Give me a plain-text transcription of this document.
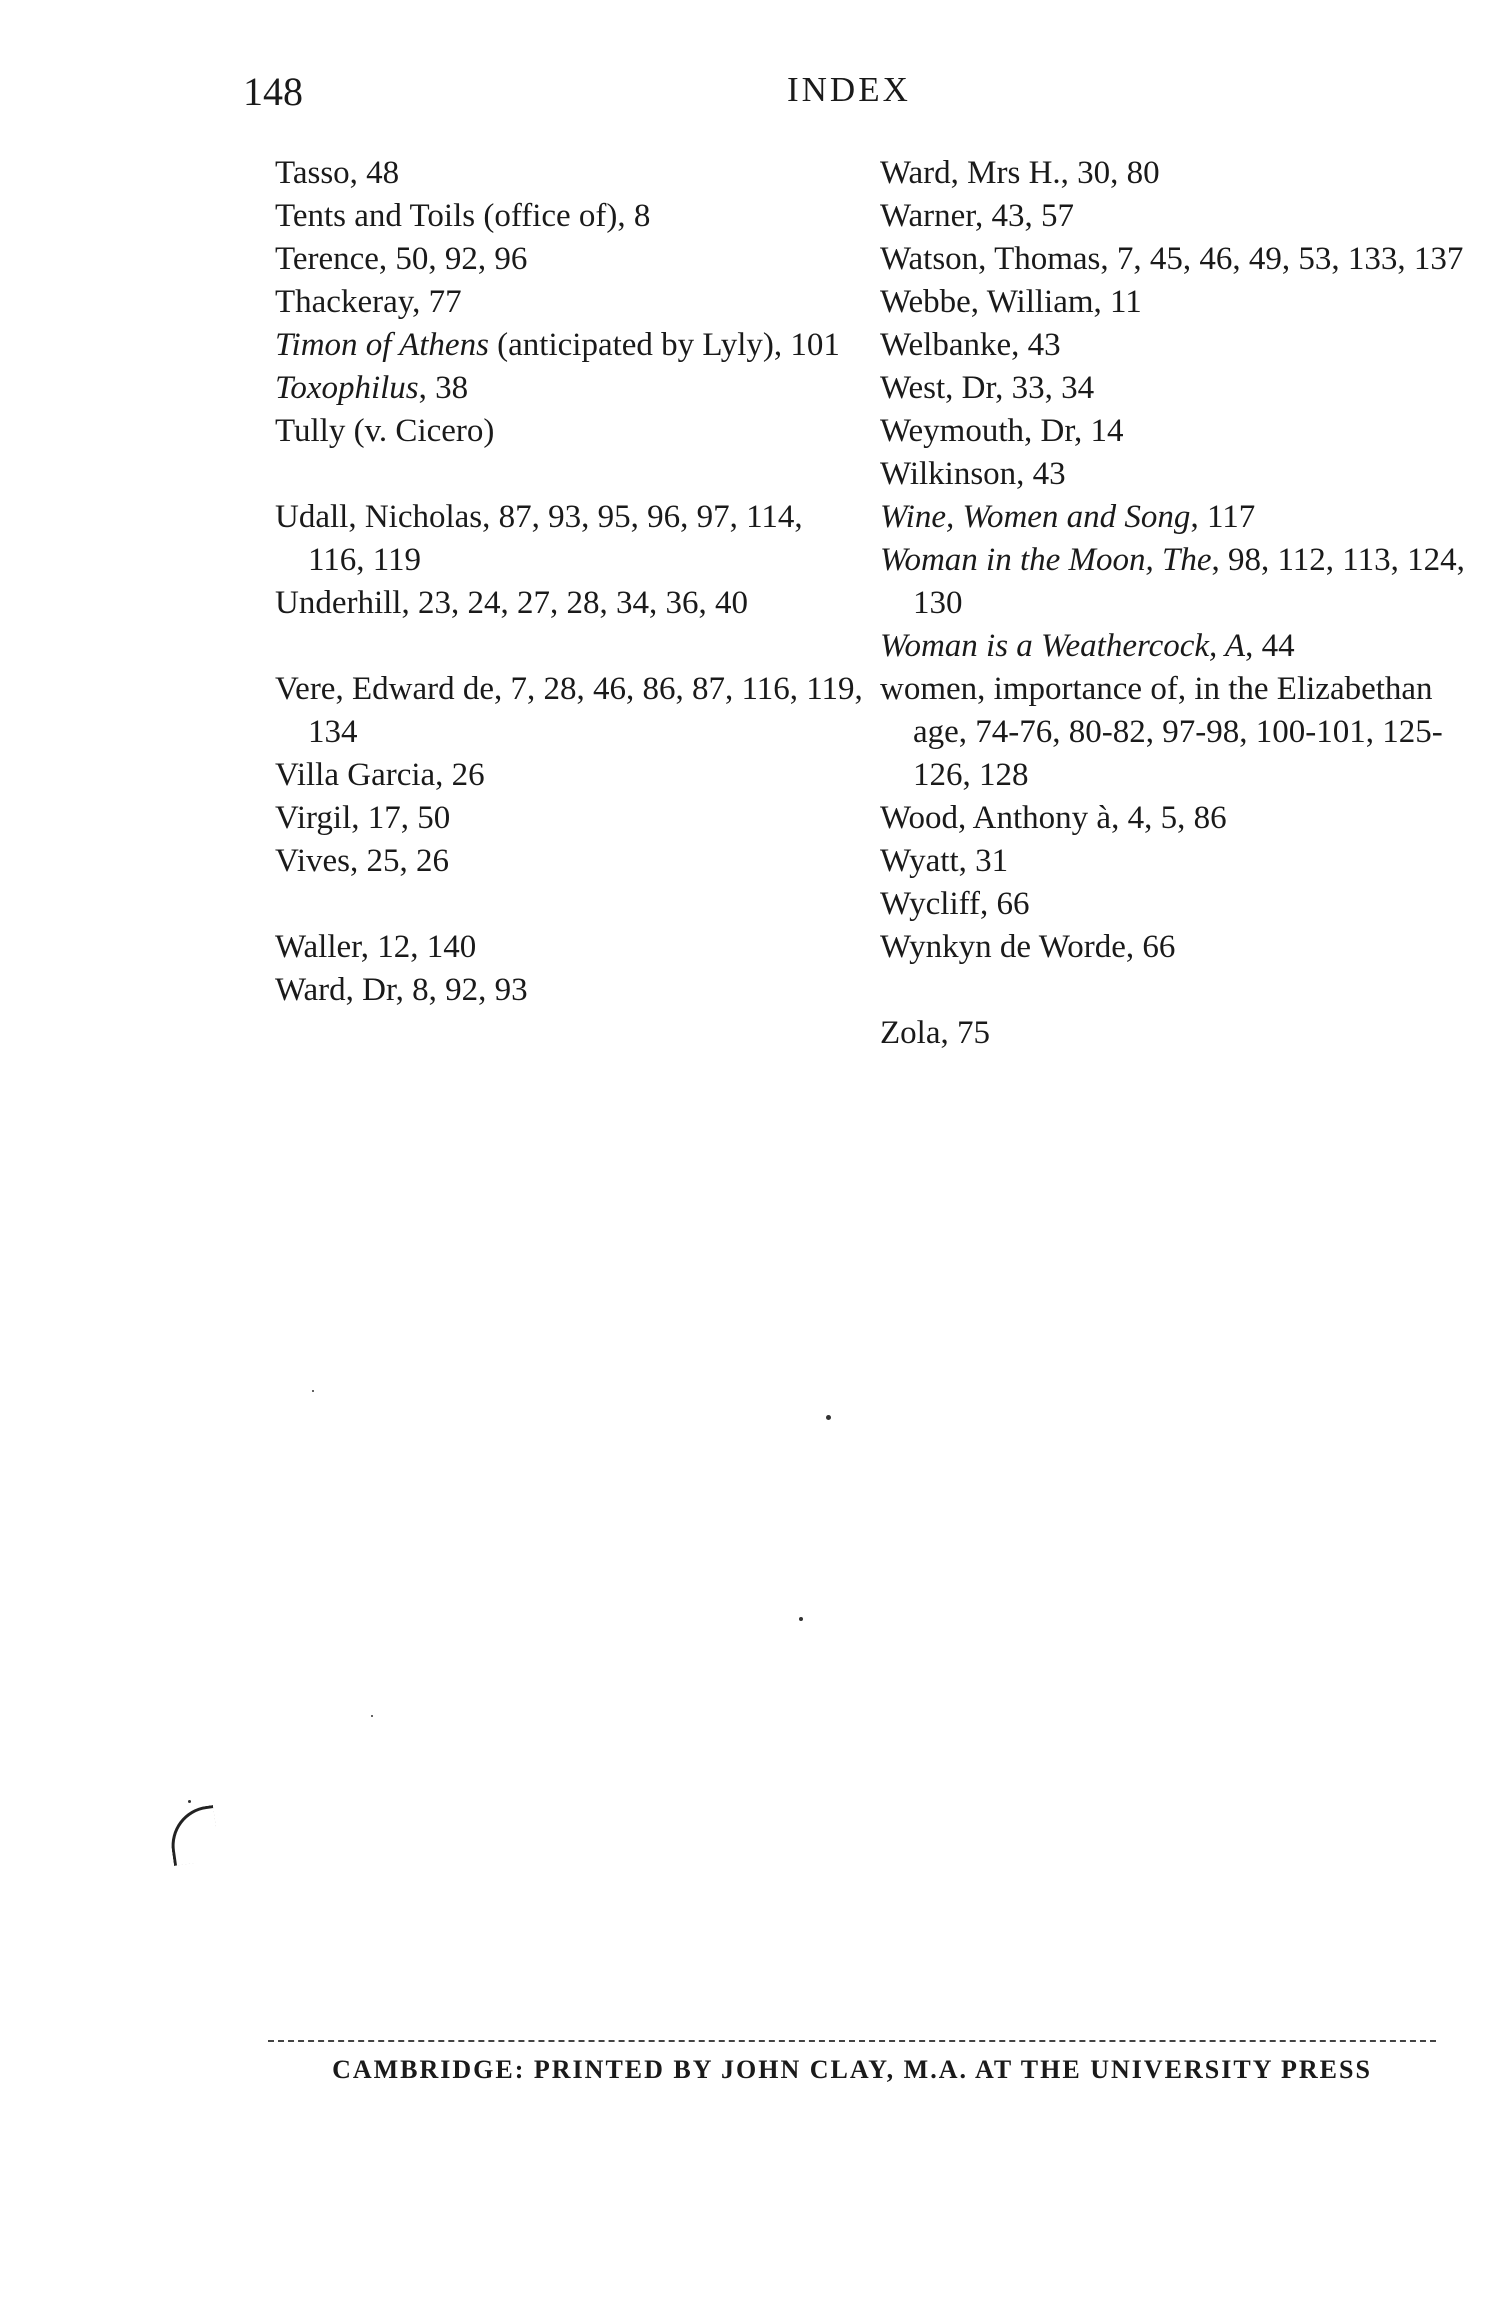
148	INDEX
Tasso, 48
Tents and Toils (office of), 8
Terence, 50, 92, 96
Thackeray, 77
Timon of Athens (anticipated by Lyly), 101
Toxophilus, 38
Tully (v. Cicero)
Udall, Nicholas, 87, 93, 95, 96, 97, 114, 116, 119
Underhill, 23, 24, 27, 28, 34, 36, 40
Vere, Edward de, 7, 28, 46, 86, 87, 116, 119, 134
Villa Garcia, 26
Virgil, 17, 50
Vives, 25, 26
Waller, 12, 140
Ward, Dr, 8, 92, 93
Ward, Mrs H., 30, 80
Warner, 43, 57
Watson, Thomas, 7, 45, 46, 49, 53, 133, 137
Webbe, William, 11
Welbanke, 43
West, Dr, 33, 34
Weymouth, Dr, 14
Wilkinson, 43
Wine, Women and Song, 117
Woman in the Moon, The, 98, 112, 113, 124, 130
Woman is a Weathercock, A, 44
women, importance of, in the Elizabethan age, 74-76, 80-82, 97-98, 100-101, 125-126, 128
Wood, Anthony à, 4, 5, 86
Wyatt, 31
Wycliff, 66
Wynkyn de Worde, 66
Zola, 75
CAMBRIDGE: PRINTED BY JOHN CLAY, M.A. AT THE UNIVERSITY PRESS
